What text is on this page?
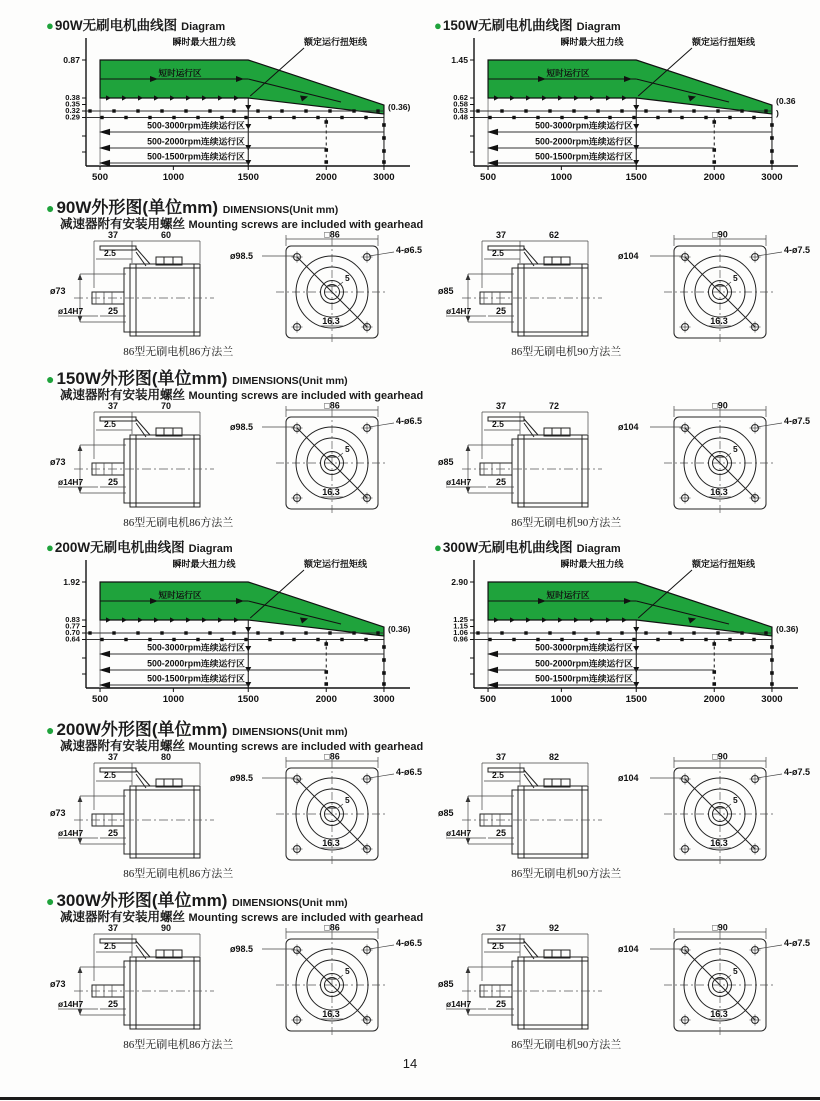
●90W无刷电机曲线图 Diagram
500-3000rpm连续运行区
500-2000rpm连续运行区
500-1500rpm连续运行区
瞬时最大扭力线	额定运行扭矩线
短时运行区
0.87
0.38
0.35
0.32
0.29
(0.36)
500	1000	1500	2000	3000
●150W无刷电机曲线图 Diagram
500-3000rpm连续运行区
500-2000rpm连续运行区
500-1500rpm连续运行区
瞬时最大扭力线	额定运行扭矩线
短时运行区
1.45
0.62
0.58
0.53
0.48
(0.36
)
500	1000	1500	2000	3000
● 90W外形图(单位mm) DIMENSIONS(Unit mm)
减速器附有安装用螺丝 Mounting screws are included with gearhead
37	60
2.5
ø73
ø14H7	25
□86
ø98.5
4-ø6.5
5
16.3
86型无刷电机86方法兰
37	62
2.5
ø85
ø14H7	25
□90
ø104
4-ø7.5
5
16.3
86型无刷电机90方法兰
● 150W外形图(单位mm) DIMENSIONS(Unit mm)
减速器附有安装用螺丝 Mounting screws are included with gearhead
37	70
2.5
ø73
ø14H7	25
□86
ø98.5
4-ø6.5
5
16.3
86型无刷电机86方法兰
37	72
2.5
ø85
ø14H7	25
□90
ø104
4-ø7.5
5
16.3
86型无刷电机90方法兰
●200W无刷电机曲线图 Diagram
500-3000rpm连续运行区
500-2000rpm连续运行区
500-1500rpm连续运行区
瞬时最大扭力线	额定运行扭矩线
短时运行区
1.92
0.83
0.77
0.70
0.64
(0.36)
500	1000	1500	2000	3000
●300W无刷电机曲线图 Diagram
500-3000rpm连续运行区
500-2000rpm连续运行区
500-1500rpm连续运行区
瞬时最大扭力线	额定运行扭矩线
短时运行区
2.90
1.25
1.15
1.06
0.96
(0.36)
500	1000	1500	2000	3000
● 200W外形图(单位mm) DIMENSIONS(Unit mm)
减速器附有安装用螺丝 Mounting screws are included with gearhead
37	80
2.5
ø73
ø14H7	25
□86
ø98.5
4-ø6.5
5
16.3
86型无刷电机86方法兰
37	82
2.5
ø85
ø14H7	25
□90
ø104
4-ø7.5
5
16.3
86型无刷电机90方法兰
● 300W外形图(单位mm) DIMENSIONS(Unit mm)
减速器附有安装用螺丝 Mounting screws are included with gearhead
37	90
2.5
ø73
ø14H7	25
□86
ø98.5
4-ø6.5
5
16.3
86型无刷电机86方法兰
37	92
2.5
ø85
ø14H7	25
□90
ø104
4-ø7.5
5
16.3
86型无刷电机90方法兰
14
